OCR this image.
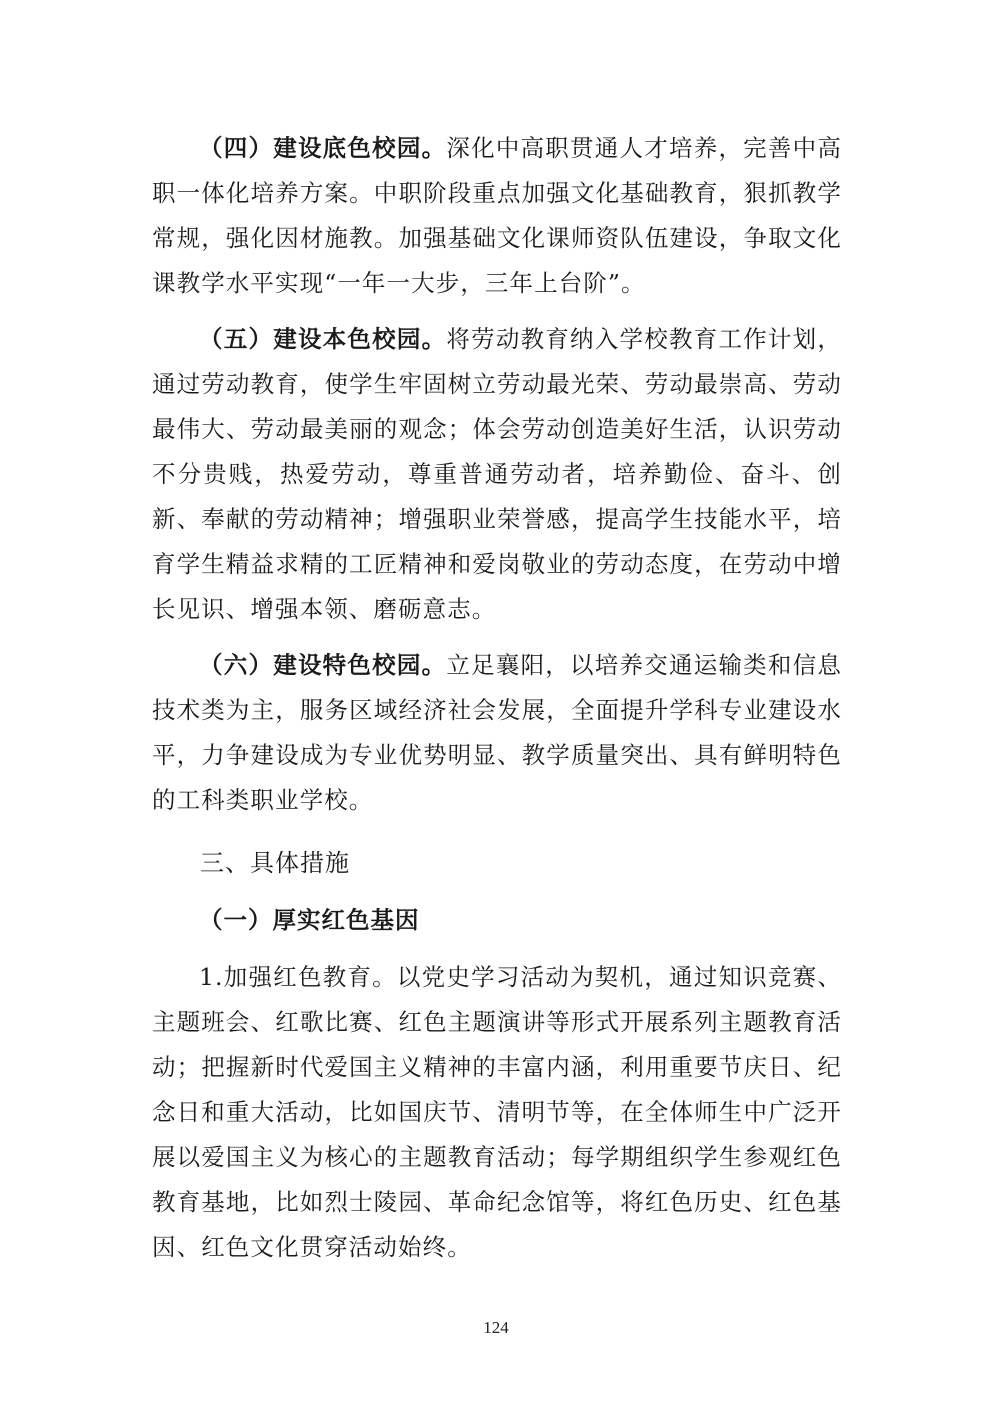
（四）建设底色校园。深化中高职贯通人才培养，完善中高职一体化培养方案。中职阶段重点加强文化基础教育，狠抓教学常规，强化因材施教。加强基础文化课师资队伍建设，争取文化课教学水平实现“一年一大步，三年上台阶”。

（五）建设本色校园。将劳动教育纳入学校教育工作计划，通过劳动教育，使学生牢固树立劳动最光荣、劳动最崇高、劳动最伟大、劳动最美丽的观念；体会劳动创造美好生活，认识劳动不分贵贱，热爱劳动，尊重普通劳动者，培养勤俭、奋斗、创新、奉献的劳动精神；增强职业荣誉感，提高学生技能水平，培育学生精益求精的工匠精神和爱岗敬业的劳动态度，在劳动中增长见识、增强本领、磨砺意志。

（六）建设特色校园。立足襄阳，以培养交通运输类和信息技术类为主，服务区域经济社会发展，全面提升学科专业建设水平，力争建设成为专业优势明显、教学质量突出、具有鲜明特色的工科类职业学校。

三、具体措施
（一）厚实红色基因

1.加强红色教育。以党史学习活动为契机，通过知识竞赛、主题班会、红歌比赛、红色主题演讲等形式开展系列主题教育活动；把握新时代爱国主义精神的丰富内涵，利用重要节庆日、纪念日和重大活动，比如国庆节、清明节等，在全体师生中广泛开展以爱国主义为核心的主题教育活动；每学期组织学生参观红色教育基地，比如烈士陵园、革命纪念馆等，将红色历史、红色基因、红色文化贯穿活动始终。

124
